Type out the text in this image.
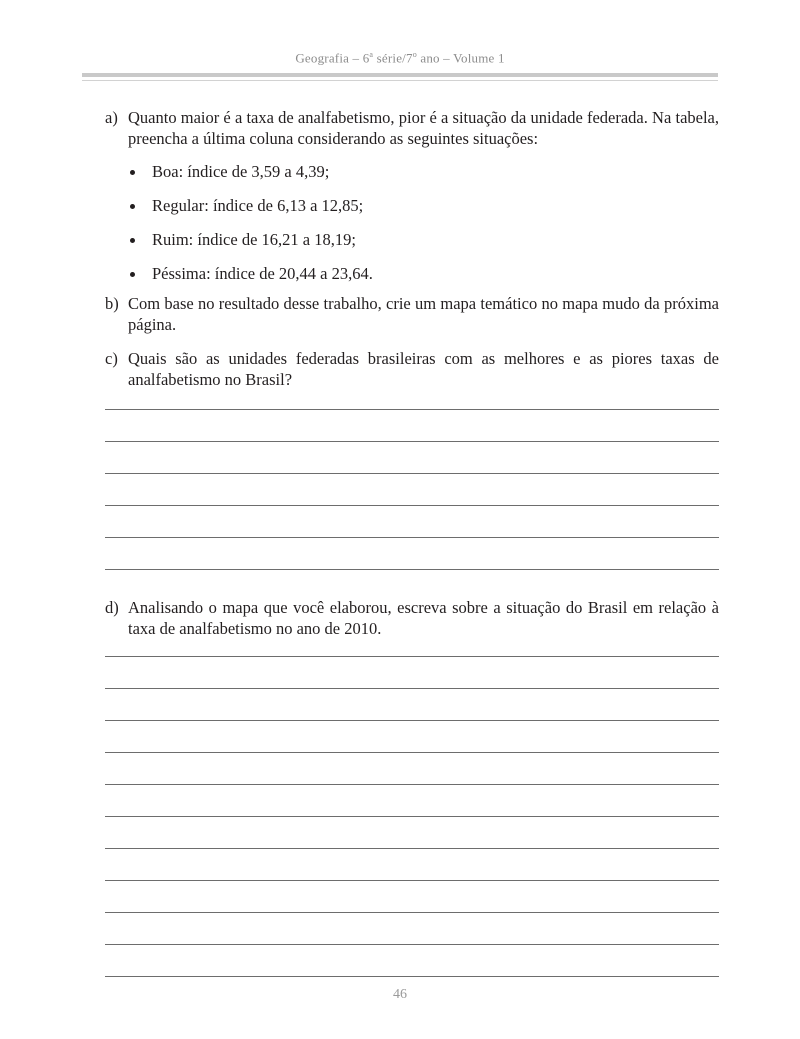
Geografia – 6$^a$ série/7$^o$ ano – Volume 1
a) Quanto maior é a taxa de analfabetismo, pior é a situação da unidade federada. Na tabela, preencha a última coluna considerando as seguintes situações:
Boa: índice de 3,59 a 4,39;
Regular: índice de 6,13 a 12,85;
Ruim: índice de 16,21 a 18,19;
Péssima: índice de 20,44 a 23,64.
b) Com base no resultado desse trabalho, crie um mapa temático no mapa mudo da próxima página.
c) Quais são as unidades federadas brasileiras com as melhores e as piores taxas de analfabetismo no Brasil?
d) Analisando o mapa que você elaborou, escreva sobre a situação do Brasil em relação à taxa de analfabetismo no ano de 2010.
46
